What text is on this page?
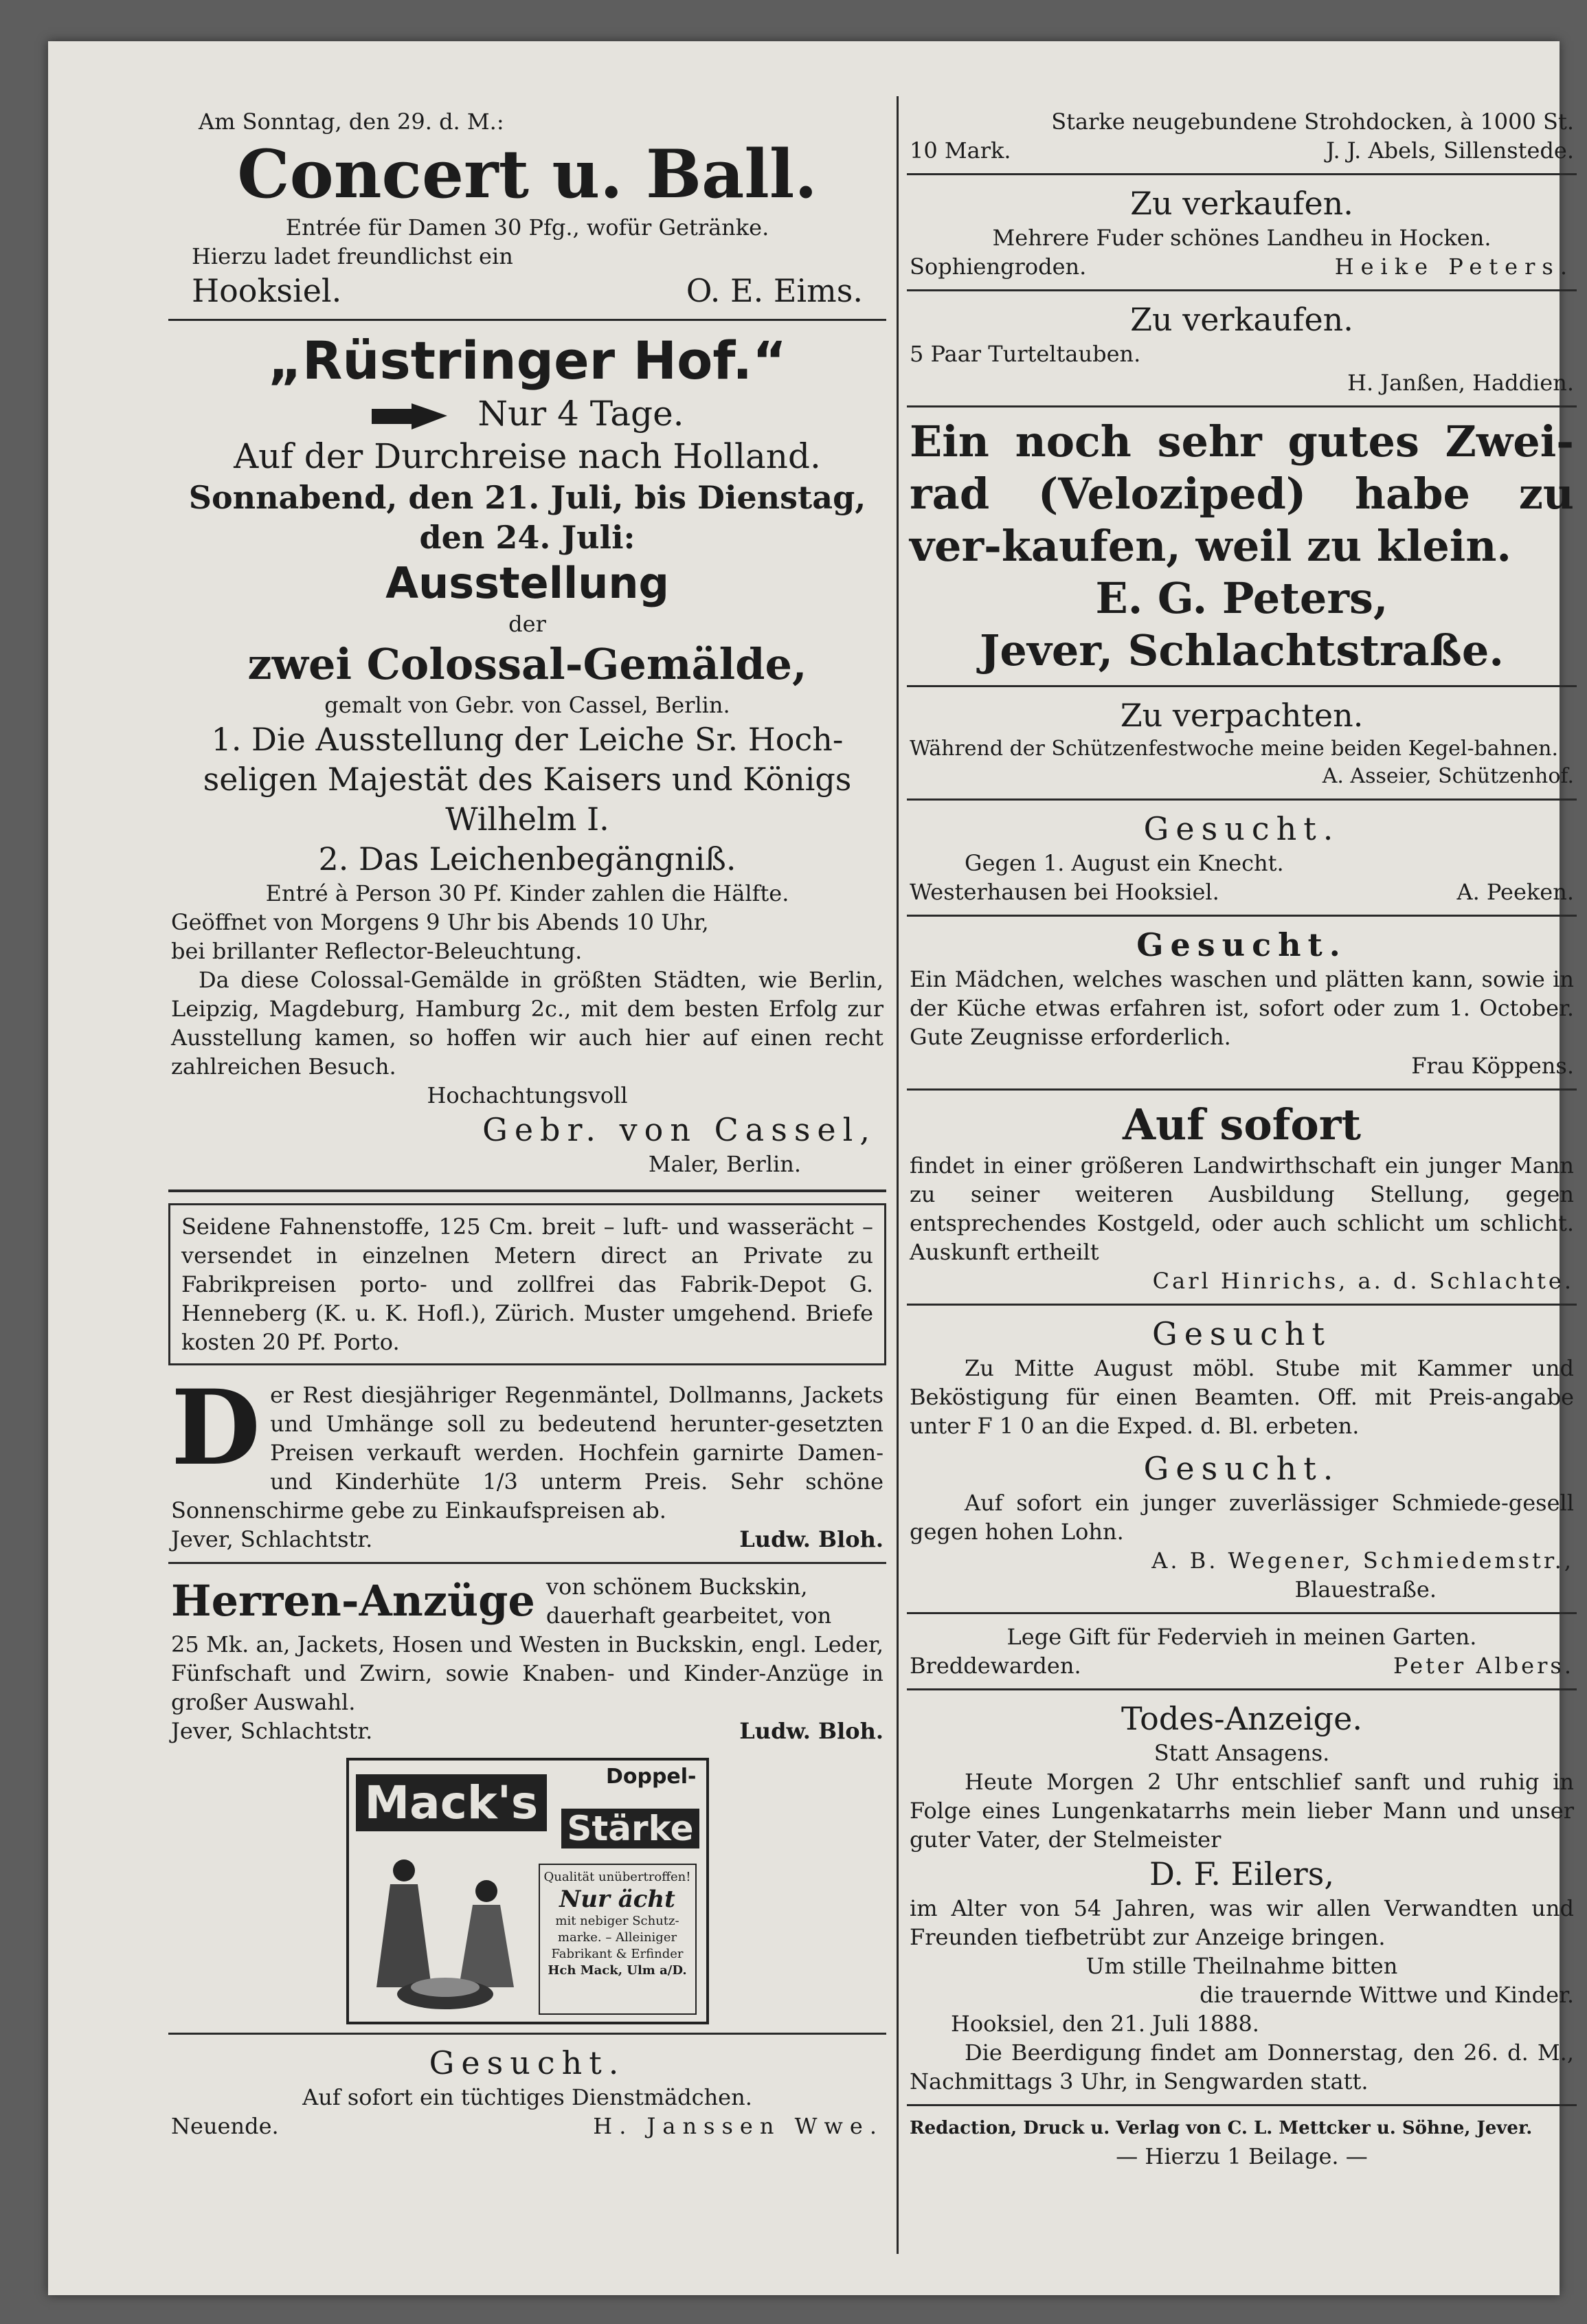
Am Sonntag, den 29. d. M.:
Concert u. Ball.
Entrée für Damen 30 Pfg., wofür Getränke.
Hierzu ladet freundlichst ein
Hooksiel.	O. E. Eims.
„Rüstringer Hof.“
Nur 4 Tage.
Auf der Durchreise nach Holland.
Sonnabend, den 21. Juli, bis Dienstag,
den 24. Juli:
Ausstellung
der
zwei Colossal-Gemälde,
gemalt von Gebr. von Cassel, Berlin.
1. Die Ausstellung der Leiche Sr. Hoch-
seligen Majestät des Kaisers und Königs
Wilhelm I.
2. Das Leichenbegängniß.
Entré à Person 30 Pf. Kinder zahlen die Hälfte.
Geöffnet von Morgens 9 Uhr bis Abends 10 Uhr,
bei brillanter Reflector-Beleuchtung.
Da diese Colossal-Gemälde in größten Städten, wie Berlin, Leipzig, Magdeburg, Hamburg 2c., mit dem besten Erfolg zur Ausstellung kamen, so hoffen wir auch hier auf einen recht zahlreichen Besuch.
Hochachtungsvoll
Gebr. von Cassel,
Maler, Berlin.
Seidene Fahnenstoffe, 125 Cm. breit – luft- und wasserächt – versendet in einzelnen Metern direct an Private zu Fabrikpreisen porto- und zollfrei das Fabrik-Depot G. Henneberg (K. u. K. Hofl.), Zürich. Muster umgehend. Briefe kosten 20 Pf. Porto.
D er Rest diesjähriger Regenmäntel, Dollmanns, Jackets und Umhänge soll zu bedeutend herunter-gesetzten Preisen verkauft werden. Hochfein garnirte Damen- und Kinderhüte 1/3 unterm Preis. Sehr schöne Sonnenschirme gebe zu Einkaufspreisen ab.
Jever, Schlachtstr.	Ludw. Bloh.
Herren-Anzüge von schönem Buckskin, dauerhaft gearbeitet, von
25 Mk. an, Jackets, Hosen und Westen in Buckskin, engl. Leder, Fünfschaft und Zwirn, sowie Knaben- und Kinder-Anzüge in großer Auswahl.
Jever, Schlachtstr.	Ludw. Bloh.
Doppel-
Mack's Stärke
Qualität unübertroffen!
Nur ächt
mit nebiger Schutz-marke. – Alleiniger Fabrikant & Erfinder
Hch Mack, Ulm a/D.
Gesucht.
Auf sofort ein tüchtiges Dienstmädchen.
Neuende.	H. Janssen Wwe.
Starke neugebundene Strohdocken, à 1000 St.
10 Mark.	J. J. Abels, Sillenstede.
Zu verkaufen.
Mehrere Fuder schönes Landheu in Hocken.
Sophiengroden.	Heike Peters.
Zu verkaufen.
5 Paar Turteltauben.
H. Janßen, Haddien.
Ein noch sehr gutes Zwei-rad (Veloziped) habe zu ver-kaufen, weil zu klein.
E. G. Peters,
Jever, Schlachtstraße.
Zu verpachten.
Während der Schützenfestwoche meine beiden Kegel-bahnen.
A. Asseier, Schützenhof.
Gesucht.
Gegen 1. August ein Knecht.
Westerhausen bei Hooksiel.	A. Peeken.
Gesucht.
Ein Mädchen, welches waschen und plätten kann, sowie in der Küche etwas erfahren ist, sofort oder zum 1. October. Gute Zeugnisse erforderlich.
Frau Köppens.
Auf sofort
findet in einer größeren Landwirthschaft ein junger Mann zu seiner weiteren Ausbildung Stellung, gegen entsprechendes Kostgeld, oder auch schlicht um schlicht. Auskunft ertheilt
Carl Hinrichs, a. d. Schlachte.
Gesucht
Zu Mitte August möbl. Stube mit Kammer und Beköstigung für einen Beamten. Off. mit Preis-angabe unter F 1 0 an die Exped. d. Bl. erbeten.
Gesucht.
Auf sofort ein junger zuverlässiger Schmiede-gesell gegen hohen Lohn.
A. B. Wegener, Schmiedemstr.,
Blauestraße.
Lege Gift für Federvieh in meinen Garten.
Breddewarden.	Peter Albers.
Todes-Anzeige.
Statt Ansagens.
Heute Morgen 2 Uhr entschlief sanft und ruhig in Folge eines Lungenkatarrhs mein lieber Mann und unser guter Vater, der Stelmeister
D. F. Eilers,
im Alter von 54 Jahren, was wir allen Verwandten und Freunden tiefbetrübt zur Anzeige bringen.
Um stille Theilnahme bitten
die trauernde Wittwe und Kinder.
Hooksiel, den 21. Juli 1888.
Die Beerdigung findet am Donnerstag, den 26. d. M., Nachmittags 3 Uhr, in Sengwarden statt.
Redaction, Druck u. Verlag von C. L. Mettcker u. Söhne, Jever.
— Hierzu 1 Beilage. —
